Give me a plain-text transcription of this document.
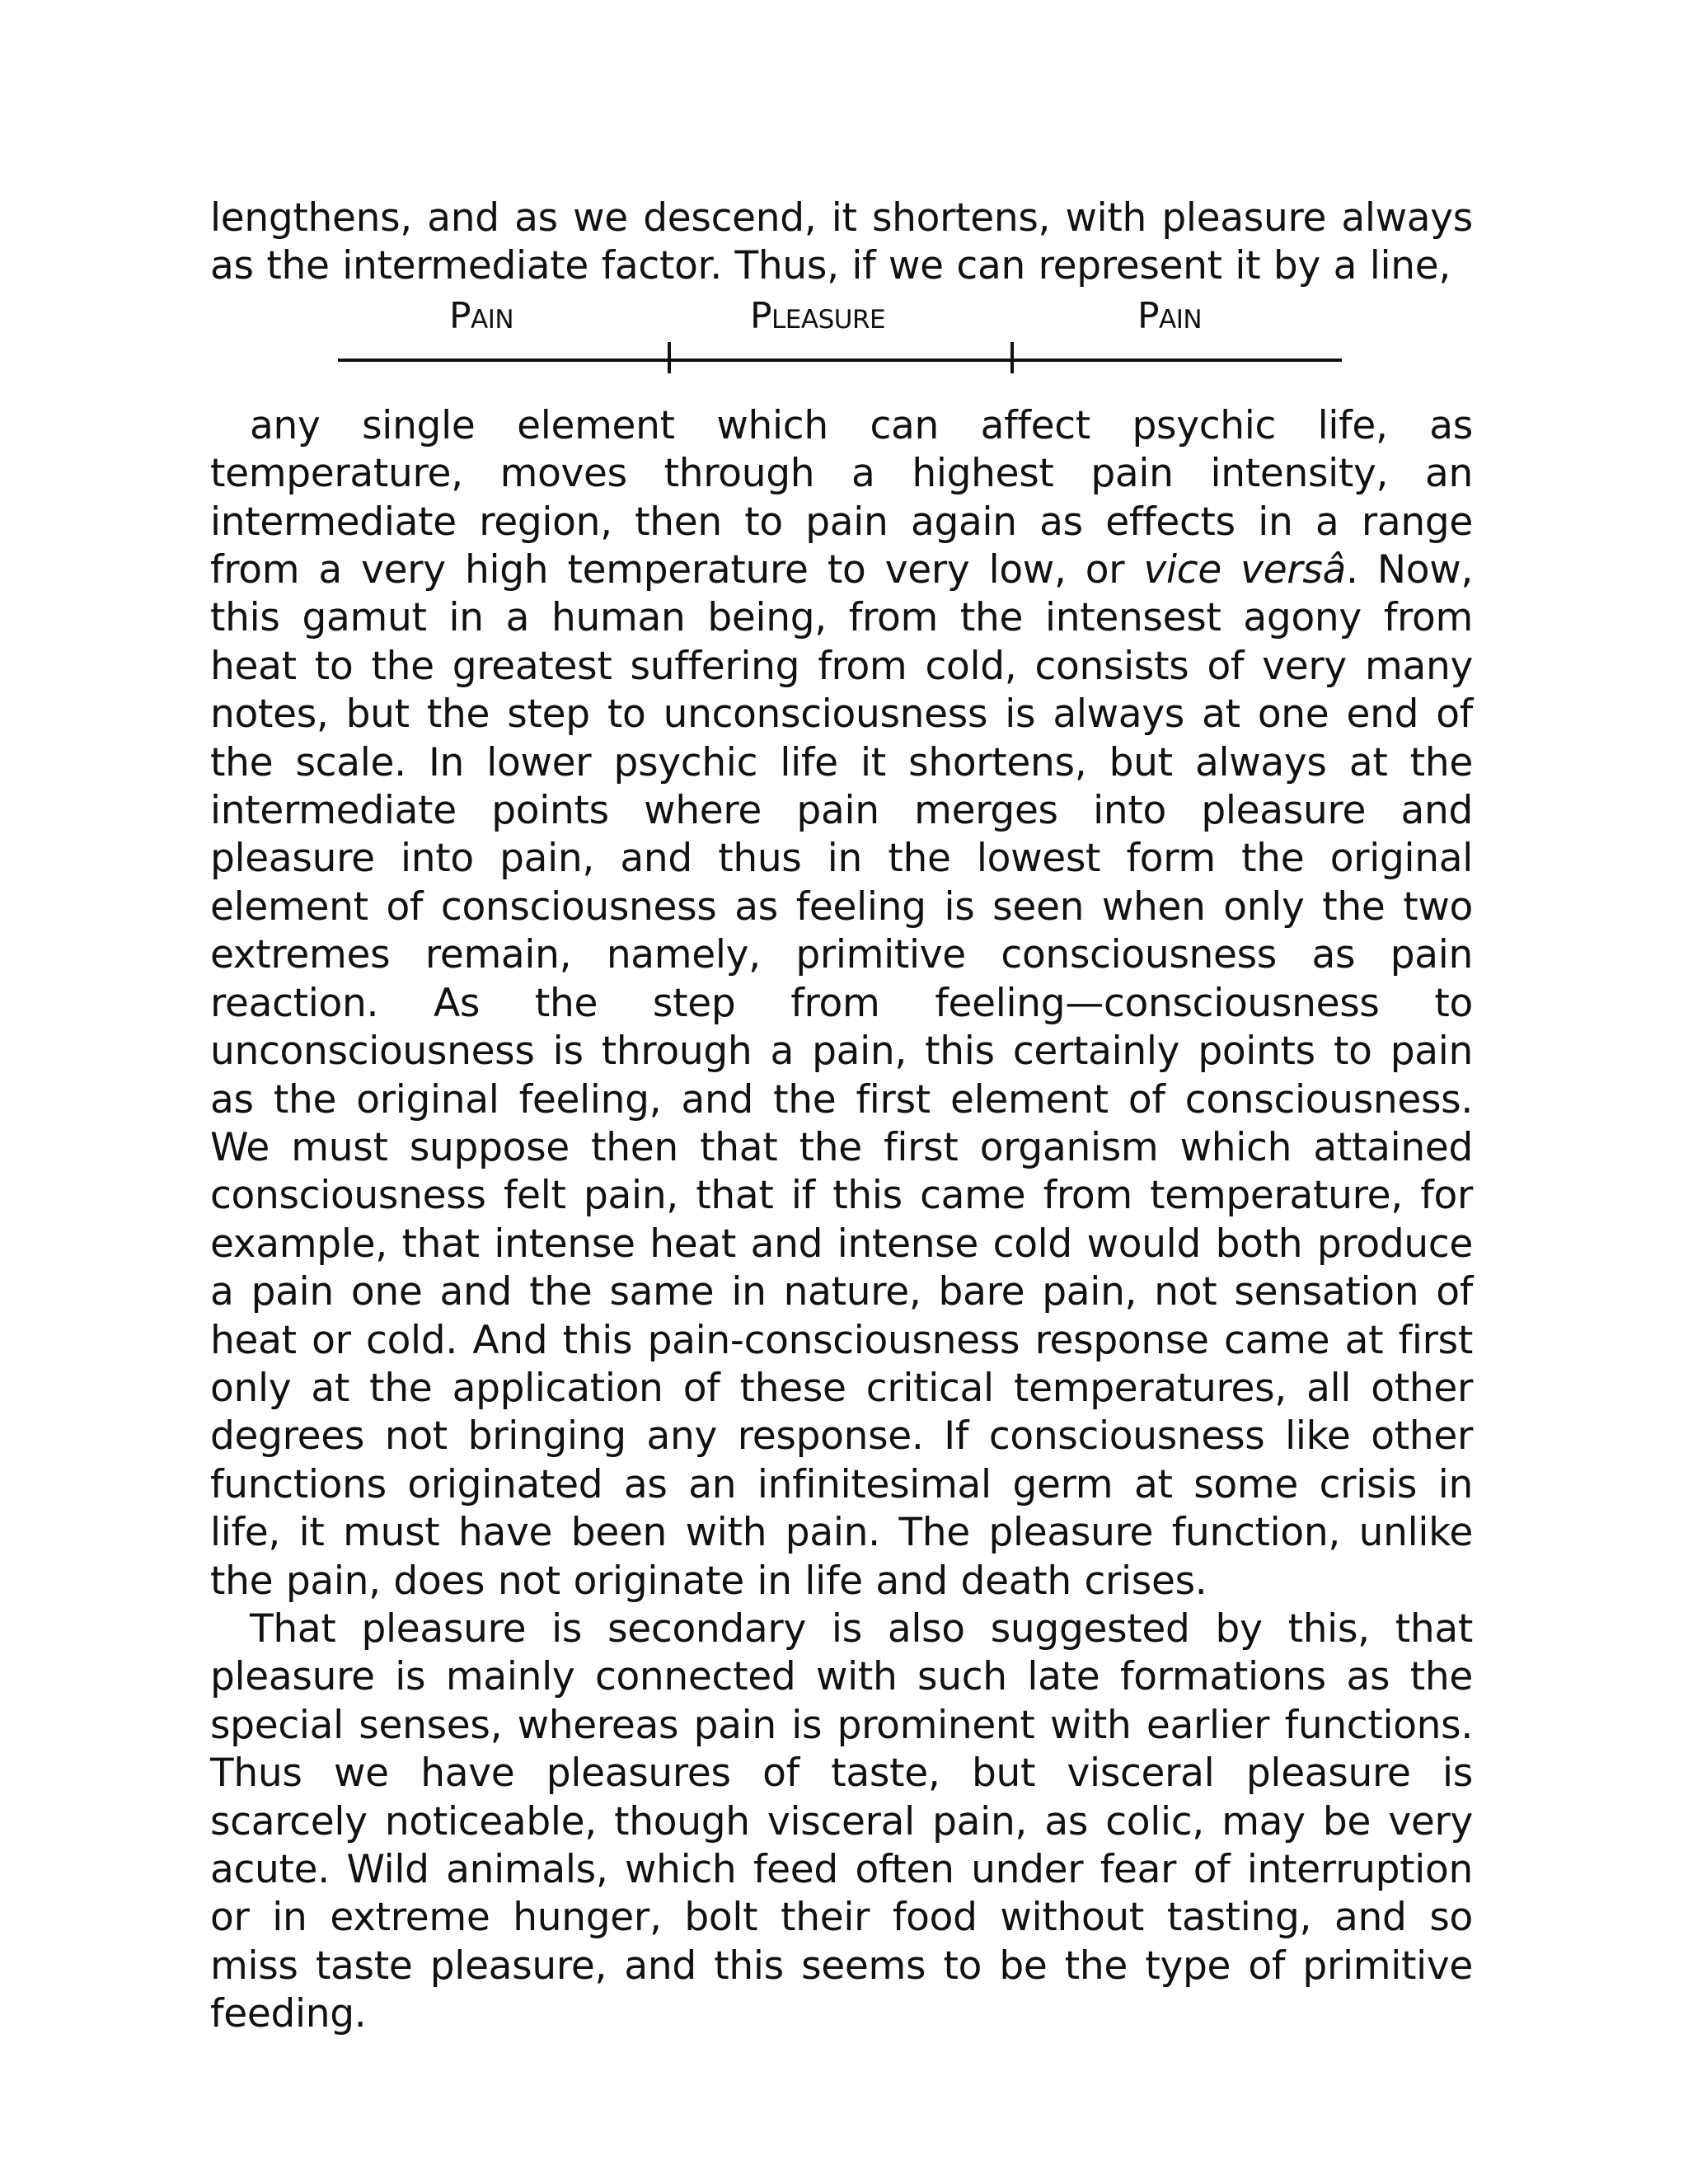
lengthens, and as we descend, it shortens, with pleasure always as the intermediate factor. Thus, if we can represent it by a line,

Pain	Pleasure	Pain

any single element which can affect psychic life, as temperature, moves through a highest pain intensity, an intermediate region, then to pain again as effects in a range from a very high temperature to very low, or vice versâ. Now, this gamut in a human being, from the intensest agony from heat to the greatest suffering from cold, consists of very many notes, but the step to unconsciousness is always at one end of the scale. In lower psychic life it shortens, but always at the intermediate points where pain merges into pleasure and pleasure into pain, and thus in the lowest form the original element of consciousness as feeling is seen when only the two extremes remain, namely, primitive consciousness as pain reaction. As the step from feeling—consciousness to unconsciousness is through a pain, this certainly points to pain as the original feeling, and the first element of consciousness. We must suppose then that the first organism which attained consciousness felt pain, that if this came from temperature, for example, that intense heat and intense cold would both produce a pain one and the same in nature, bare pain, not sensation of heat or cold. And this pain-consciousness response came at first only at the application of these critical temperatures, all other degrees not bringing any response. If consciousness like other functions originated as an infinitesimal germ at some crisis in life, it must have been with pain. The pleasure function, unlike the pain, does not originate in life and death crises.

That pleasure is secondary is also suggested by this, that pleasure is mainly connected with such late formations as the special senses, whereas pain is prominent with earlier functions. Thus we have pleasures of taste, but visceral pleasure is scarcely noticeable, though visceral pain, as colic, may be very acute. Wild animals, which feed often under fear of interruption or in extreme hunger, bolt their food without tasting, and so miss taste pleasure, and this seems to be the type of primitive feeding.
